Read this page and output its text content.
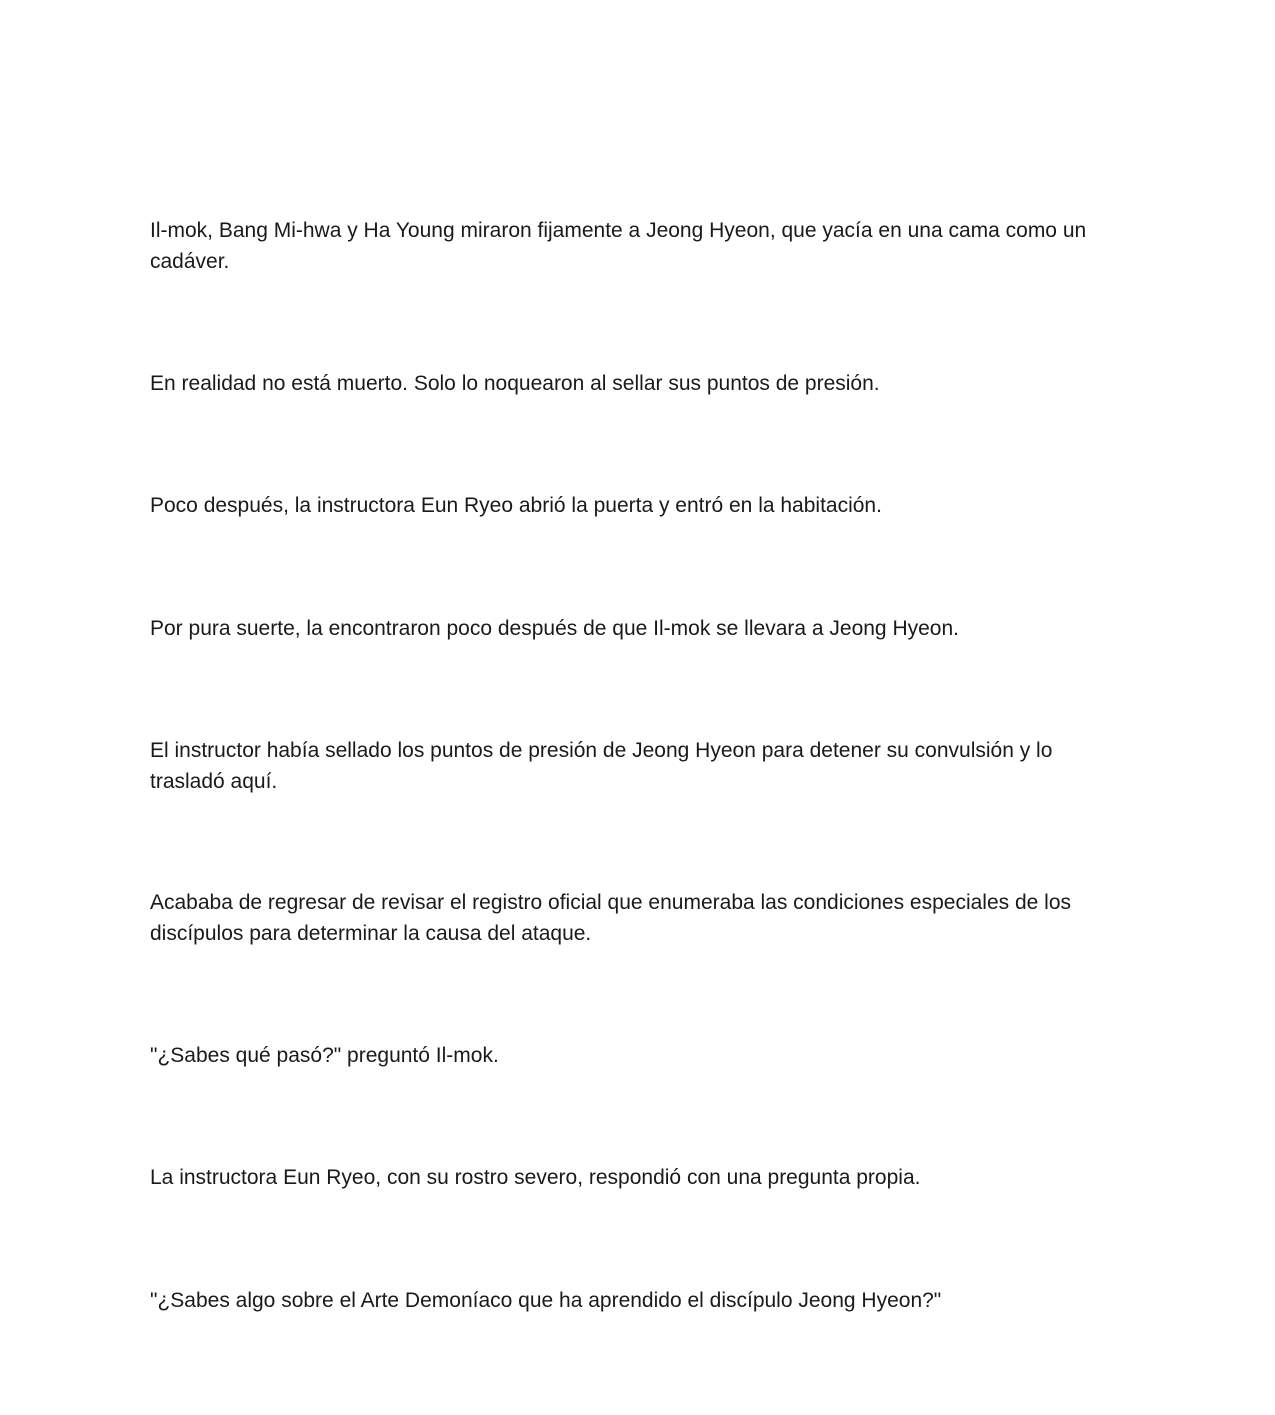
Il-mok, Bang Mi-hwa y Ha Young miraron fijamente a Jeong Hyeon, que yacía en una cama como un cadáver.

En realidad no está muerto. Solo lo noquearon al sellar sus puntos de presión.

Poco después, la instructora Eun Ryeo abrió la puerta y entró en la habitación.

Por pura suerte, la encontraron poco después de que Il-mok se llevara a Jeong Hyeon.

El instructor había sellado los puntos de presión de Jeong Hyeon para detener su convulsión y lo trasladó aquí.

Acababa de regresar de revisar el registro oficial que enumeraba las condiciones especiales de los discípulos para determinar la causa del ataque.

"¿Sabes qué pasó?" preguntó Il-mok.

La instructora Eun Ryeo, con su rostro severo, respondió con una pregunta propia.

"¿Sabes algo sobre el Arte Demoníaco que ha aprendido el discípulo Jeong Hyeon?"
